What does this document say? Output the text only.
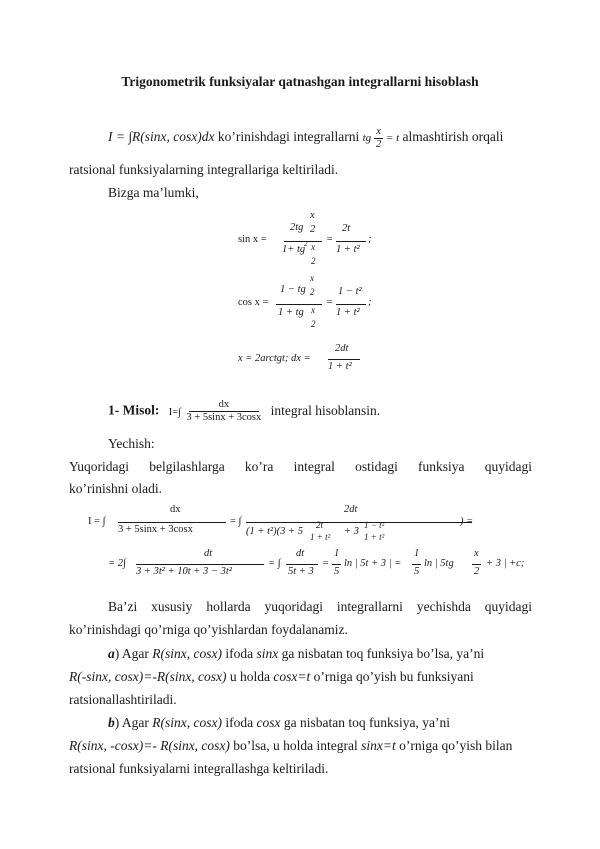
Trigonometrik funksiyalar qatnashgan integrallarni hisoblash
I = ∫R(sinx, cosx)dx ko’rinishdagi integrallarni tg $\frac{x}{2} = t$ almashtirish orqali
ratsional funksiyalarning integrallariga keltiriladi.
Bizga ma’lumki,
sin x =
2tg
x
2
1+ tg
2 x
2
=
2t
1 + t²
;
cos x =
1 − tg
x
2
1 + tg x
2
=
1 − t²
1 + t²
;
x = 2arctgt; dx =
2dt
1 + t²
1- Misol: $I=\int \frac{dx}{3 + 5\sin x + 3\cos x}$ integral hisoblansin.
Yechish:
Yuqoridagi belgilashlarga ko’ra integral ostidagi funksiya quyidagi
ko’rinishni oladi.
I = ∫
dx
3 + 5sinx + 3cosx
= ∫
2dt
(1 + t²)(3 + 5
2t
1 + t² + 3
1 − t²
1 + t²
) =
= 2∫
dt
3 + 3t² + 10t + 3 − 3t²
= ∫
dt
5t + 3
=
1
5
ln | 5t + 3 | =
1
5
ln | 5tg
x
2
+ 3 | +c;
Ba’zi xususiy hollarda yuqoridagi integrallarni yechishda quyidagi
ko’rinishdagi qo’rniga qo’yishlardan foydalanamiz.
a) Agar R(sinx, cosx) ifoda sinx ga nisbatan toq funksiya bo’lsa, ya’ni
R(-sinx, cosx)=-R(sinx, cosx) u holda cosx=t o’rniga qo’yish bu funksiyani
ratsionallashtiriladi.
b) Agar R(sinx, cosx) ifoda cosx ga nisbatan toq funksiya, ya’ni
R(sinx, -cosx)=- R(sinx, cosx) bo’lsa, u holda integral sinx=t o’rniga qo’yish bilan
ratsional funksiyalarni integrallashga keltiriladi.
